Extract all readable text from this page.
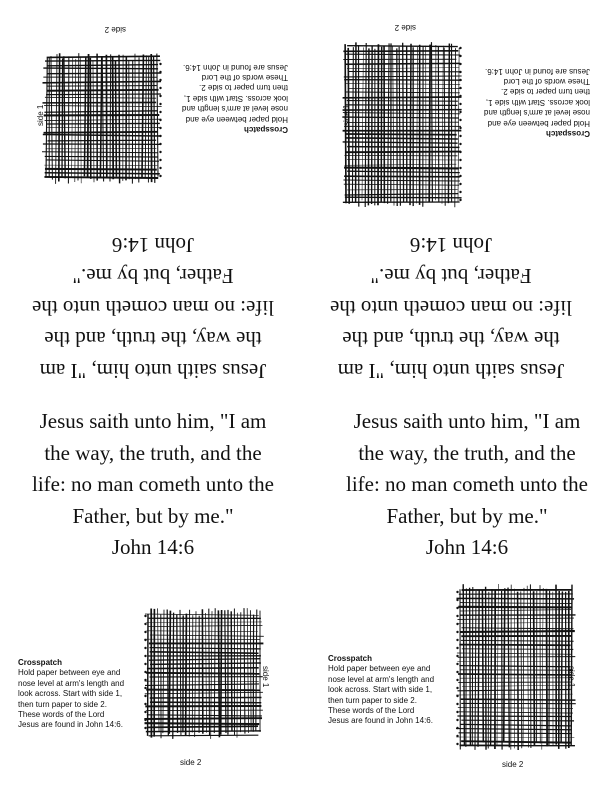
Jesus saith unto him, "I am

the way, the truth, and the

life: no man cometh unto the

Father, but by me."

John 14:6

Crosspatch
Hold paper between eye and nose level at arm's length and look across. Start with side 1, then turn paper to side 2. These words of the Lord Jesus are found in John 14:6.
side 1
side 2

Jesus saith unto him, "I am

the way, the truth, and the

life: no man cometh unto the

Father, but by me."

John 14:6

Crosspatch
Hold paper between eye and nose level at arm's length and look across. Start with side 1, then turn paper to side 2. These words of the Lord Jesus are found in John 14:6.
side 1
side 2

Jesus saith unto him, "I am

the way, the truth, and the

life: no man cometh unto the

Father, but by me."

John 14:6

Crosspatch
Hold paper between eye and nose level at arm's length and look across. Start with side 1, then turn paper to side 2. These words of the Lord Jesus are found in John 14:6.
side 1
side 2

Jesus saith unto him, "I am

the way, the truth, and the

life: no man cometh unto the

Father, but by me."

John 14:6

Crosspatch
Hold paper between eye and nose level at arm's length and look across. Start with side 1, then turn paper to side 2. These words of the Lord Jesus are found in John 14:6.
side 1
side 2
